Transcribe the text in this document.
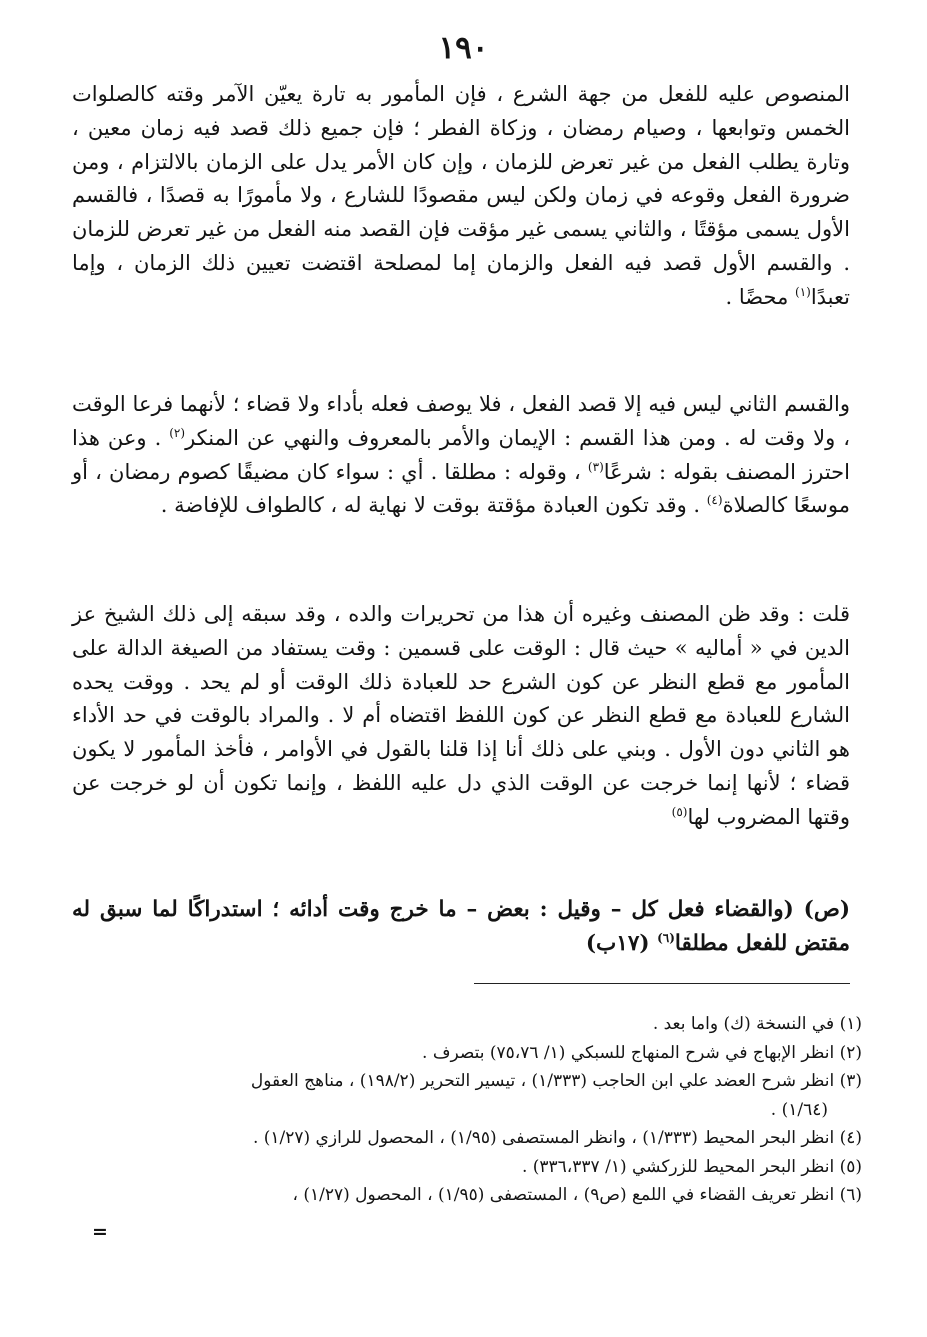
١٩٠

المنصوص عليه للفعل من جهة الشرع ، فإن المأمور به تارة يعيّن الآمر وقته كالصلوات الخمس وتوابعها ، وصيام رمضان ، وزكاة الفطر ؛ فإن جميع ذلك قصد فيه زمان معين ، وتارة يطلب الفعل من غير تعرض للزمان ، وإن كان الأمر يدل على الزمان بالالتزام ، ومن ضرورة الفعل وقوعه في زمان ولكن ليس مقصودًا للشارع ، ولا مأمورًا به قصدًا ، فالقسم الأول يسمى مؤقتًا ، والثاني يسمى غير مؤقت فإن القصد منه الفعل من غير تعرض للزمان . والقسم الأول قصد فيه الفعل والزمان إما لمصلحة اقتضت تعيين ذلك الزمان ، وإما تعبدًا$^{(١)}$ محضًا .

والقسم الثاني ليس فيه إلا قصد الفعل ، فلا يوصف فعله بأداء ولا قضاء ؛ لأنهما فرعا الوقت ، ولا وقت له . ومن هذا القسم : الإيمان والأمر بالمعروف والنهي عن المنكر$^{(٢)}$ . وعن هذا احترز المصنف بقوله : شرعًا$^{(٣)}$ ، وقوله : مطلقا . أي : سواء كان مضيقًا كصوم رمضان ، أو موسعًا كالصلاة$^{(٤)}$ . وقد تكون العبادة مؤقتة بوقت لا نهاية له ، كالطواف للإفاضة .

قلت : وقد ظن المصنف وغيره أن هذا من تحريرات والده ، وقد سبقه إلى ذلك الشيخ عز الدين في « أماليه » حيث قال : الوقت على قسمين : وقت يستفاد من الصيغة الدالة على المأمور مع قطع النظر عن كون الشرع حد للعبادة ذلك الوقت أو لم يحد . ووقت يحده الشارع للعبادة مع قطع النظر عن كون اللفظ اقتضاه أم لا . والمراد بالوقت في حد الأداء هو الثاني دون الأول . وبني على ذلك أنا إذا قلنا بالقول في الأوامر ، فأخذ المأمور لا يكون قضاء ؛ لأنها إنما خرجت عن الوقت الذي دل عليه اللفظ ، وإنما تكون أن لو خرجت عن وقتها المضروب لها$^{(٥)}$

(ص) (والقضاء فعل كل – وقيل : بعض – ما خرج وقت أدائه ؛ استدراكًا لما سبق له مقتض للفعل مطلقا$^{(٦)}$ (١٧ب)

(١) في النسخة (ك) واما بعد .

(٢) انظر الإبهاج في شرح المنهاج للسبكي (١/ ٧٥،٧٦) بتصرف .

(٣) انظر شرح العضد علي ابن الحاجب (١/٣٣٣) ، تيسير التحرير (١٩٨/٢) ، مناهج العقول

(١/٦٤) .

(٤) انظر البحر المحيط (١/٣٣٣) ، وانظر المستصفى (١/٩٥) ، المحصول للرازي (١/٢٧) .

(٥) انظر البحر المحيط للزركشي (١/ ٣٣٦،٣٣٧) .

(٦) انظر تعريف القضاء في اللمع (ص٩) ، المستصفى (١/٩٥) ، المحصول (١/٢٧) ،

=
